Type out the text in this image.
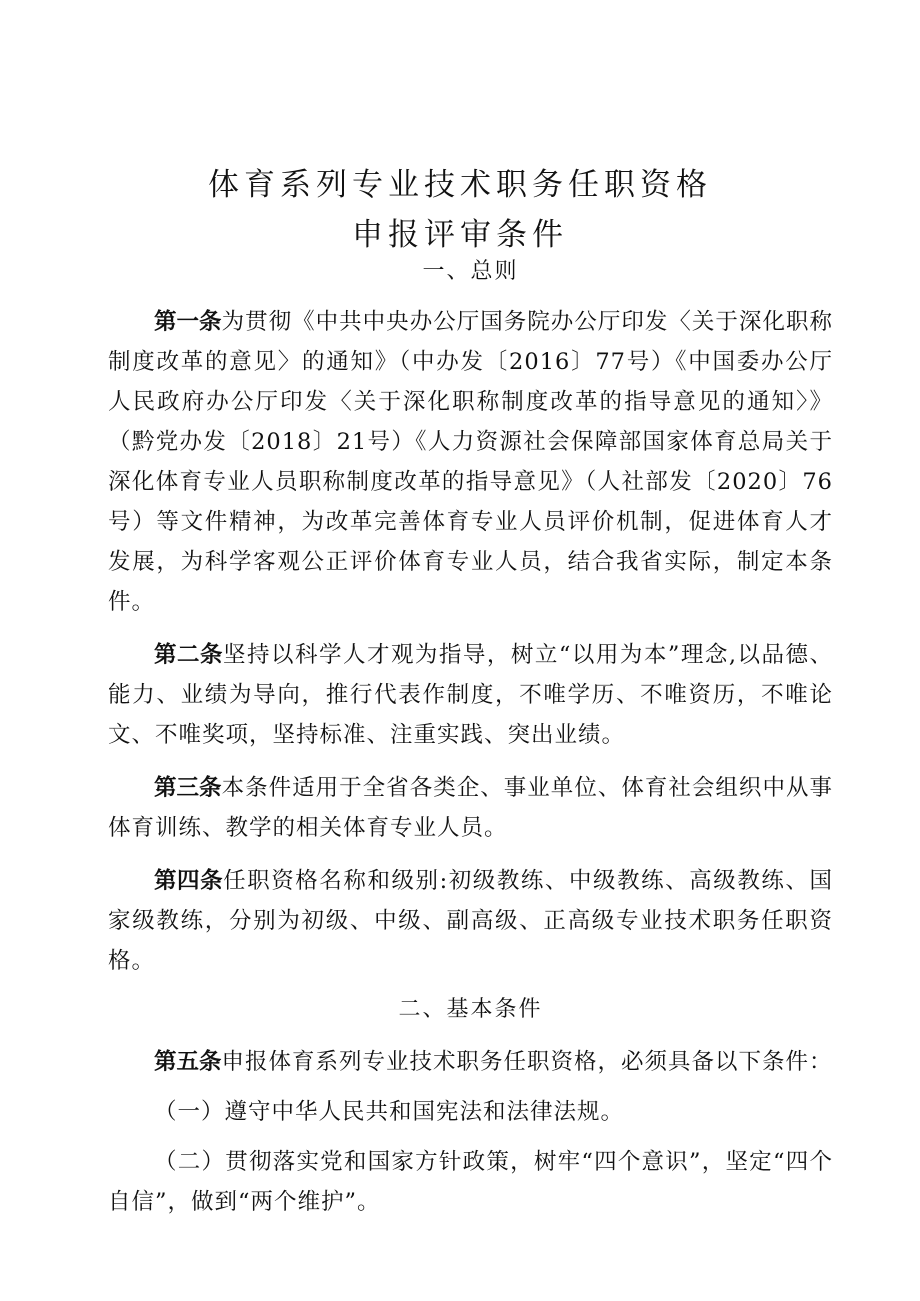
体育系列专业技术职务任职资格

申报评审条件

一、总则

第一条为贯彻《中共中央办公厅国务院办公厅印发〈关于深化职称制度改革的意见〉的通知》（中办发〔2016〕77号）《中国委办公厅人民政府办公厅印发〈关于深化职称制度改革的指导意见的通知〉》（黔党办发〔2018〕21号）《人力资源社会保障部国家体育总局关于深化体育专业人员职称制度改革的指导意见》（人社部发〔2020〕76号）等文件精神，为改革完善体育专业人员评价机制，促进体育人才发展，为科学客观公正评价体育专业人员，结合我省实际，制定本条件。

第二条坚持以科学人才观为指导，树立“以用为本”理念,以品德、能力、业绩为导向，推行代表作制度，不唯学历、不唯资历，不唯论文、不唯奖项，坚持标准、注重实践、突出业绩。

第三条本条件适用于全省各类企、事业单位、体育社会组织中从事体育训练、教学的相关体育专业人员。

第四条任职资格名称和级别:初级教练、中级教练、高级教练、国家级教练，分别为初级、中级、副高级、正高级专业技术职务任职资格。

二、基本条件

第五条申报体育系列专业技术职务任职资格，必须具备以下条件：

（一）遵守中华人民共和国宪法和法律法规。

（二）贯彻落实党和国家方针政策，树牢“四个意识”，坚定“四个自信”，做到“两个维护”。
